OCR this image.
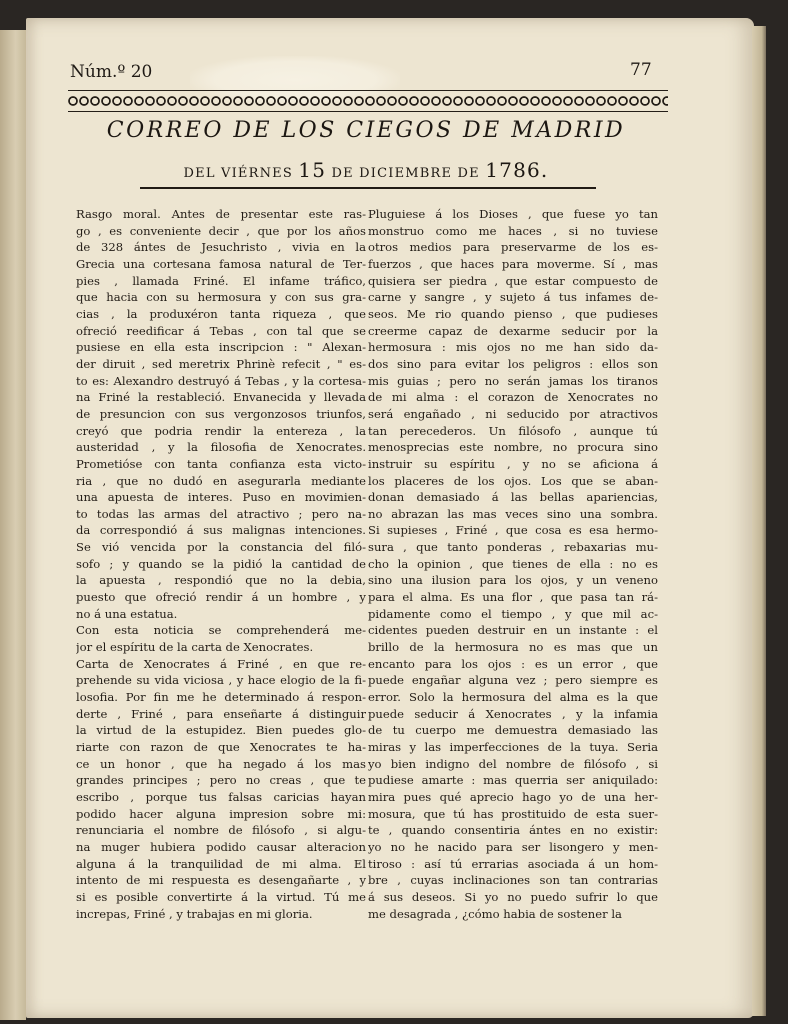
Núm.º 20	77
CORREO DE LOS CIEGOS DE MADRID
DEL VIÉRNES 15 DE DICIEMBRE DE 1786.
Rasgo moral. Antes de presentar este ras-
go , es conveniente decir , que por los años
de 328 ántes de Jesuchristo , vivia en la
Grecia una cortesana famosa natural de Ter-
pies , llamada Friné. El infame tráfico,
que hacia con su hermosura y con sus gra-
cias , la produxéron tanta riqueza , que
ofreció reedificar á Tebas , con tal que se
pusiese en ella esta inscripcion : " Alexan-
der diruit , sed meretrix Phrinè refecit , " es-
to es: Alexandro destruyó á Tebas , y la cortesa-
na Friné la restableció. Envanecida y llevada
de presuncion con sus vergonzosos triunfos,
creyó que podria rendir la entereza , la
austeridad , y la filosofia de Xenocrates.
Prometióse con tanta confianza esta victo-
ria , que no dudó en asegurarla mediante
una apuesta de interes. Puso en movimien-
to todas las armas del atractivo ; pero na-
da correspondió á sus malignas intenciones.
Se vió vencida por la constancia del filó-
sofo ; y quando se la pidió la cantidad de
la apuesta , respondió que no la debia,
puesto que ofreció rendir á un hombre , y
no á una estatua.
Con esta noticia se comprehenderá me-
jor el espíritu de la carta de Xenocrates.
Carta de Xenocrates á Friné , en que re-
prehende su vida viciosa , y hace elogio de la fi-
losofia. Por fin me he determinado á respon-
derte , Friné , para enseñarte á distinguir
la virtud de la estupidez. Bien puedes glo-
riarte con razon de que Xenocrates te ha-
ce un honor , que ha negado á los mas
grandes principes ; pero no creas , que te
escribo , porque tus falsas caricias hayan
podido hacer alguna impresion sobre mi:
renunciaria el nombre de filósofo , si algu-
na muger hubiera podido causar alteracion
alguna á la tranquilidad de mi alma. El
intento de mi respuesta es desengañarte , y
si es posible convertirte á la virtud. Tú me
increpas, Friné , y trabajas en mi gloria.
Pluguiese á los Dioses , que fuese yo tan
monstruo como me haces , si no tuviese
otros medios para preservarme de los es-
fuerzos , que haces para moverme. Sí , mas
quisiera ser piedra , que estar compuesto de
carne y sangre , y sujeto á tus infames de-
seos. Me rio quando pienso , que pudieses
creerme capaz de dexarme seducir por la
hermosura : mis ojos no me han sido da-
dos sino para evitar los peligros : ellos son
mis guias ; pero no serán jamas los tiranos
de mi alma : el corazon de Xenocrates no
será engañado , ni seducido por atractivos
tan perecederos. Un filósofo , aunque tú
menosprecias este nombre, no procura sino
instruir su espíritu , y no se aficiona á
los placeres de los ojos. Los que se aban-
donan demasiado á las bellas apariencias,
no abrazan las mas veces sino una sombra.
Si supieses , Friné , que cosa es esa hermo-
sura , que tanto ponderas , rebaxarias mu-
cho la opinion , que tienes de ella : no es
sino una ilusion para los ojos, y un veneno
para el alma. Es una flor , que pasa tan rá-
pidamente como el tiempo , y que mil ac-
cidentes pueden destruir en un instante : el
brillo de la hermosura no es mas que un
encanto para los ojos : es un error , que
puede engañar alguna vez ; pero siempre es
error. Solo la hermosura del alma es la que
puede seducir á Xenocrates , y la infamia
de tu cuerpo me demuestra demasiado las
miras y las imperfecciones de la tuya. Seria
yo bien indigno del nombre de filósofo , si
pudiese amarte : mas querria ser aniquilado:
mira pues qué aprecio hago yo de una her-
mosura, que tú has prostituido de esta suer-
te , quando consentiria ántes en no existir:
yo no he nacido para ser lisongero y men-
tiroso : así tú errarias asociada á un hom-
bre , cuyas inclinaciones son tan contrarias
á sus deseos. Si yo no puedo sufrir lo que
me desagrada , ¿cómo habia de sostener la
